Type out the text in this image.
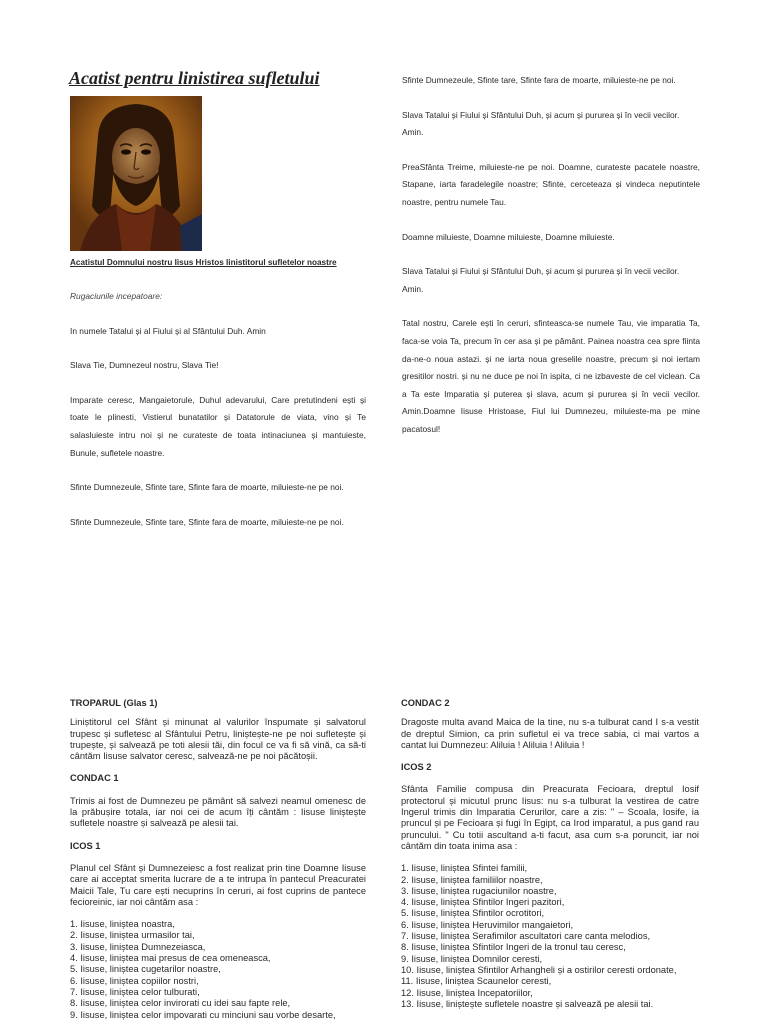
Acatist pentru linistirea sufletului
Acatistul Domnului nostru Iisus Hristos linistitorul sufletelor noastre

Rugaciunile incepatoare:

In numele Tatalui și al Fiului și al Sfântului Duh. Amin

Slava Tie, Dumnezeul nostru, Slava Tie!

Imparate ceresc, Mangaietorule, Duhul adevarului, Care pretutindeni ești și toate le plinesti, Vistierul bunatatilor și Datatorule de viata, vino și Te salasluieste intru noi și ne curateste de toata intinaciunea și mantuieste, Bunule, sufletele noastre.

Sfinte Dumnezeule, Sfinte tare, Sfinte fara de moarte, miluieste-ne pe noi.

Sfinte Dumnezeule, Sfinte tare, Sfinte fara de moarte, miluieste-ne pe noi.

Sfinte Dumnezeule, Sfinte tare, Sfinte fara de moarte, miluieste-ne pe noi.

Slava Tatalui și Fiului și Sfântului Duh, și acum și pururea și în vecii vecilor. Amin.

PreaSfânta Treime, miluieste-ne pe noi. Doamne, curateste pacatele noastre, Stapane, iarta faradelegile noastre; Sfinte, cerceteaza și vindeca neputintele noastre, pentru numele Tau.

Doamne miluieste, Doamne miluieste, Doamne miluieste.

Slava Tatalui și Fiului și Sfântului Duh, și acum și pururea și în vecii vecilor. Amin.

Tatal nostru, Carele ești în ceruri, sfinteasca-se numele Tau, vie imparatia Ta, faca-se voia Ta, precum în cer asa și pe pământ. Painea noastra cea spre fiinta da-ne-o noua astazi. și ne iarta noua greselile noastre, precum și noi iertam gresitilor nostri. și nu ne duce pe noi în ispita, ci ne izbaveste de cel viclean. Ca a Ta este Imparatia și puterea și slava, acum și pururea și în vecii vecilor. Amin.Doamne Iisuse Hristoase, Fiul lui Dumnezeu, miluieste-ma pe mine pacatosul!

TROPARUL (Glas 1)

Liniștitorul cel Sfânt și minunat al valurilor înspumate și salvatorul trupesc și sufletesc al Sfântului Petru, liniștește-ne pe noi sufletește și trupește, și salvează pe toti alesii tăi, din focul ce va fi să vină, ca să-ti cântăm Iisuse salvator ceresc, salvează-ne pe noi păcătoșii.

CONDAC 1

Trimis ai fost de Dumnezeu pe pământ să salvezi neamul omenesc de la prăbușire totala, iar noi cei de acum îți cântăm : Iisuse liniștește sufletele noastre și salvează pe alesii tai.

ICOS 1

Planul cel Sfânt și Dumnezeiesc a fost realizat prin tine Doamne Iisuse care ai acceptat smerita lucrare de a te intrupa în pantecul Preacuratei Maicii Tale, Tu care ești necuprins în ceruri, ai fost cuprins de pantece fecioreinic, iar noi cântăm asa :

1. Iisuse, liniștea noastra,
2. Iisuse, liniștea urmasilor tai,
3. Iisuse, liniștea Dumnezeiasca,
4. Iisuse, liniștea mai presus de cea omeneasca,
5. Iisuse, liniștea cugetarilor noastre,
6. Iisuse, liniștea copiilor nostri,
7. Iisuse, liniștea celor tulburati,
8. Iisuse, liniștea celor invirorati cu idei sau fapte rele,
9. Iisuse, liniștea celor impovarati cu minciuni sau vorbe desarte,

CONDAC 2

Dragoste multa avand Maica de la tine, nu s-a tulburat cand I s-a vestit de dreptul Simion, ca prin sufletul ei va trece sabia, ci mai vartos a cantat lui Dumnezeu: Aliluia ! Aliluia ! Aliluia !

ICOS 2

Sfânta Familie compusa din Preacurata Fecioara, dreptul Iosif protectorul și micutul prunc Iisus: nu s-a tulburat la vestirea de catre Ingerul trimis din Imparatia Cerurilor, care a zis: " – Scoala, Iosife, ia pruncul și pe Fecioara și fugi în Egipt, ca Irod imparatul, a pus gand rau pruncului. " Cu totii ascultand a-ti facut, asa cum s-a poruncit, iar noi cântăm din toata inima asa :

1. Iisuse, liniștea Sfintei familii,
2. Iisuse, liniștea familiilor noastre,
3. Iisuse, liniștea rugaciunilor noastre,
4. Iisuse, liniștea Sfintilor Ingeri pazitori,
5. Iisuse, liniștea Sfintilor ocrotitori,
6. Iisuse, liniștea Heruvimilor mangaietori,
7. Iisuse, liniștea Serafimilor ascultatori care canta melodios,
8. Iisuse, liniștea Sfintilor Ingeri de la tronul tau ceresc,
9. Iisuse, liniștea Domnilor ceresti,
10. Iisuse, liniștea Sfintilor Arhangheli și a ostirilor ceresti ordonate,
11. Iisuse, liniștea Scaunelor ceresti,
12. Iisuse, liniștea Incepatoriilor,
13. Iisuse, liniștește sufletele noastre și salvează pe alesii tai.
